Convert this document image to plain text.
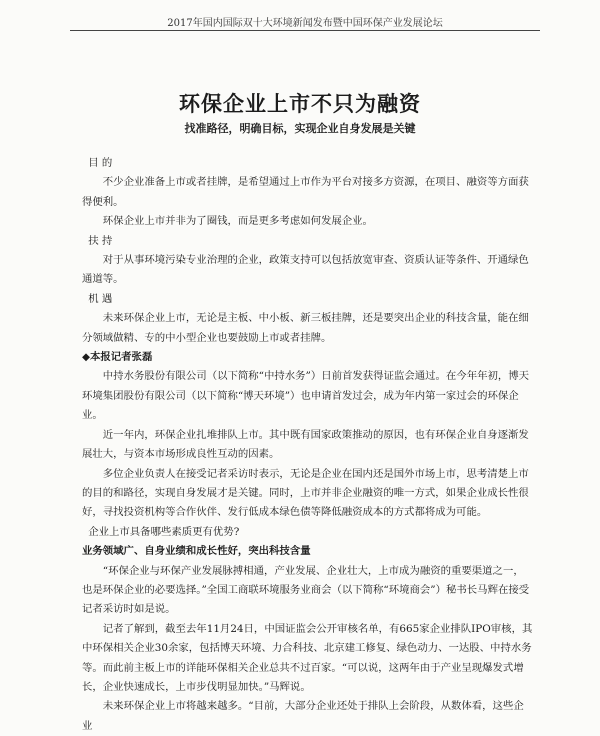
2017年国内国际双十大环境新闻发布暨中国环保产业发展论坛
环保企业上市不只为融资
找准路径，明确目标，实现企业自身发展是关键

目 的

不少企业准备上市或者挂牌，是希望通过上市作为平台对接多方资源，在项目、融资等方面获得便利。

环保企业上市并非为了圈钱，而是更多考虑如何发展企业。

扶 持

对于从事环境污染专业治理的企业，政策支持可以包括放宽审查、资质认证等条件、开通绿色通道等。

机 遇

未来环保企业上市，无论是主板、中小板、新三板挂牌，还是要突出企业的科技含量，能在细分领域做精、专的中小型企业也要鼓励上市或者挂牌。

◆本报记者张磊

中持水务股份有限公司（以下简称“中持水务”）日前首发获得证监会通过。在今年年初，博天环境集团股份有限公司（以下简称“博天环境”）也申请首发过会，成为年内第一家过会的环保企业。

近一年内，环保企业扎堆排队上市。其中既有国家政策推动的原因，也有环保企业自身逐渐发展壮大，与资本市场形成良性互动的因素。

多位企业负责人在接受记者采访时表示，无论是企业在国内还是国外市场上市，思考清楚上市的目的和路径，实现自身发展才是关键。同时，上市并非企业融资的唯一方式，如果企业成长性很好，寻找投资机构等合作伙伴、发行低成本绿色债等降低融资成本的方式都将成为可能。

企业上市具备哪些素质更有优势?

业务领域广、自身业绩和成长性好，突出科技含量

“环保企业与环保产业发展脉搏相通，产业发展、企业壮大，上市成为融资的重要渠道之一，也是环保企业的必要选择。”全国工商联环境服务业商会（以下简称“环境商会”）秘书长马辉在接受记者采访时如是说。

记者了解到，截至去年11月24日，中国证监会公开审核名单，有665家企业排队IPO审核，其中环保相关企业30余家，包括博天环境、力合科技、北京建工修复、绿色动力、一达股、中持水务等。而此前主板上市的详能环保相关企业总共不过百家。“可以说，这两年由于产业呈现爆发式增长，企业快速成长，上市步伐明显加快。”马辉说。

未来环保企业上市将越来越多。“目前，大部分企业还处于排队上会阶段，从数体看，这些企业
